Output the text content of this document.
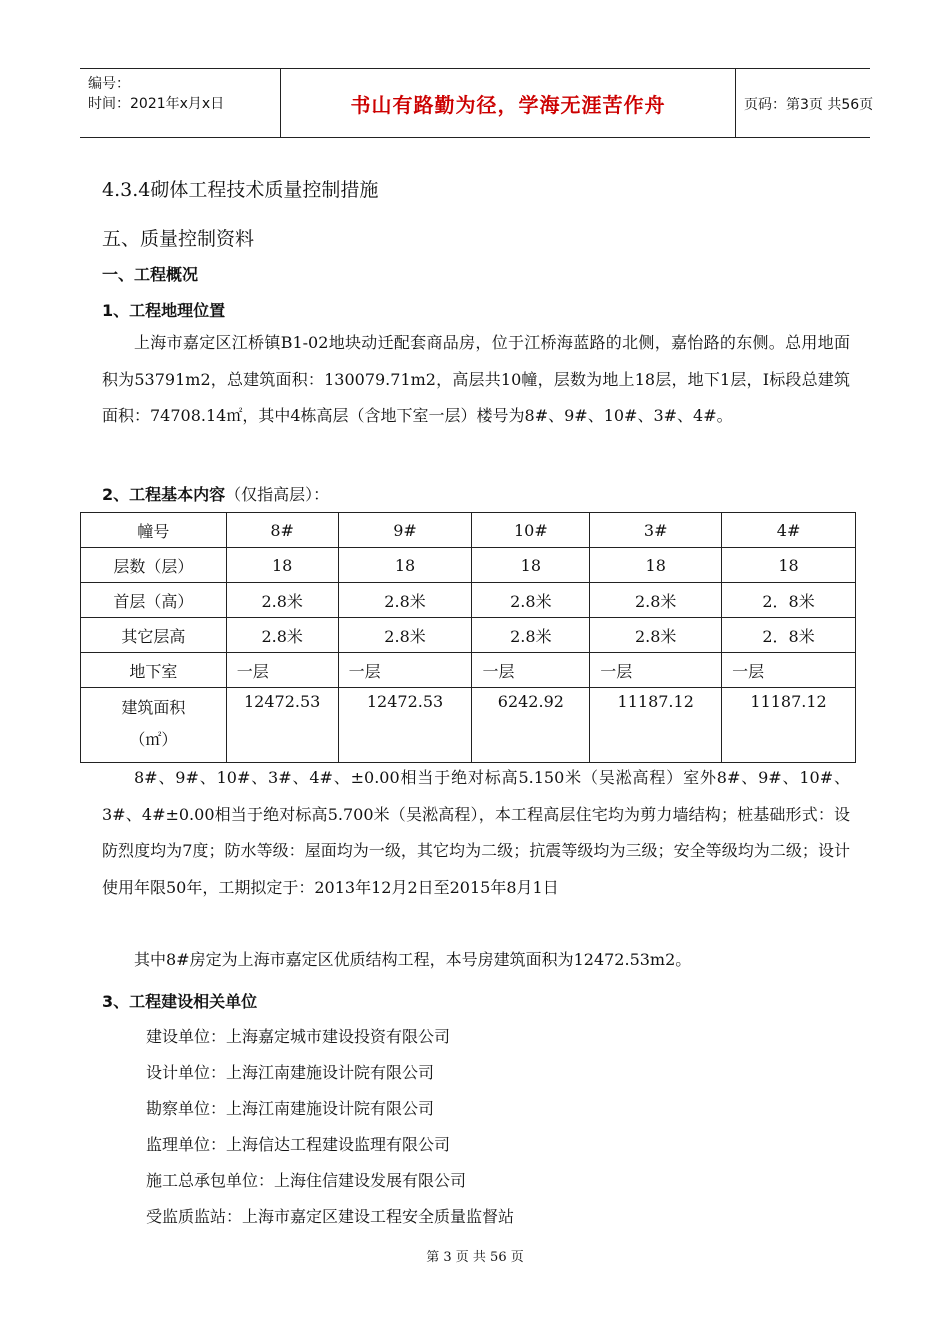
编号：
时间：2021年x月x日	书山有路勤为径，学海无涯苦作舟	页码：第3页 共56页
4.3.4砌体工程技术质量控制措施
五、质量控制资料
一、工程概况
1、工程地理位置

上海市嘉定区江桥镇B1-02地块动迁配套商品房，位于江桥海蓝路的北侧，嘉怡路的东侧。总用地面积为53791m2，总建筑面积：130079.71m2，高层共10幢，层数为地上18层，地下1层，I标段总建筑面积：74708.14㎡，其中4栋高层（含地下室一层）楼号为8#、9#、10#、3#、4#。

2、工程基本内容（仅指高层）：
幢号	8#	9#	10#	3#	4#
层数（层）	18	18	18	18	18
首层（高）	2.8米	2.8米	2.8米	2.8米	2．8米
其它层高	2.8米	2.8米	2.8米	2.8米	2．8米
地下室	一层	一层	一层	一层	一层

建筑面积
（㎡）	12472.53	12472.53	6242.92	11187.12	11187.12

8#、9#、10#、3#、4#、±0.00相当于绝对标高5.150米（吴淞高程）室外8#、9#、10#、3#、4#±0.00相当于绝对标高5.700米（吴淞高程），本工程高层住宅均为剪力墙结构；桩基础形式：设防烈度均为7度；防水等级：屋面均为一级，其它均为二级；抗震等级均为三级；安全等级均为二级；设计使用年限50年，工期拟定于：2013年12月2日至2015年8月1日

其中8#房定为上海市嘉定区优质结构工程，本号房建筑面积为12472.53m2。

3、工程建设相关单位
建设单位：上海嘉定城市建设投资有限公司
设计单位：上海江南建施设计院有限公司
勘察单位：上海江南建施设计院有限公司
监理单位：上海信达工程建设监理有限公司
施工总承包单位：上海住信建设发展有限公司
受监质监站：上海市嘉定区建设工程安全质量监督站
第 3 页 共 56 页
